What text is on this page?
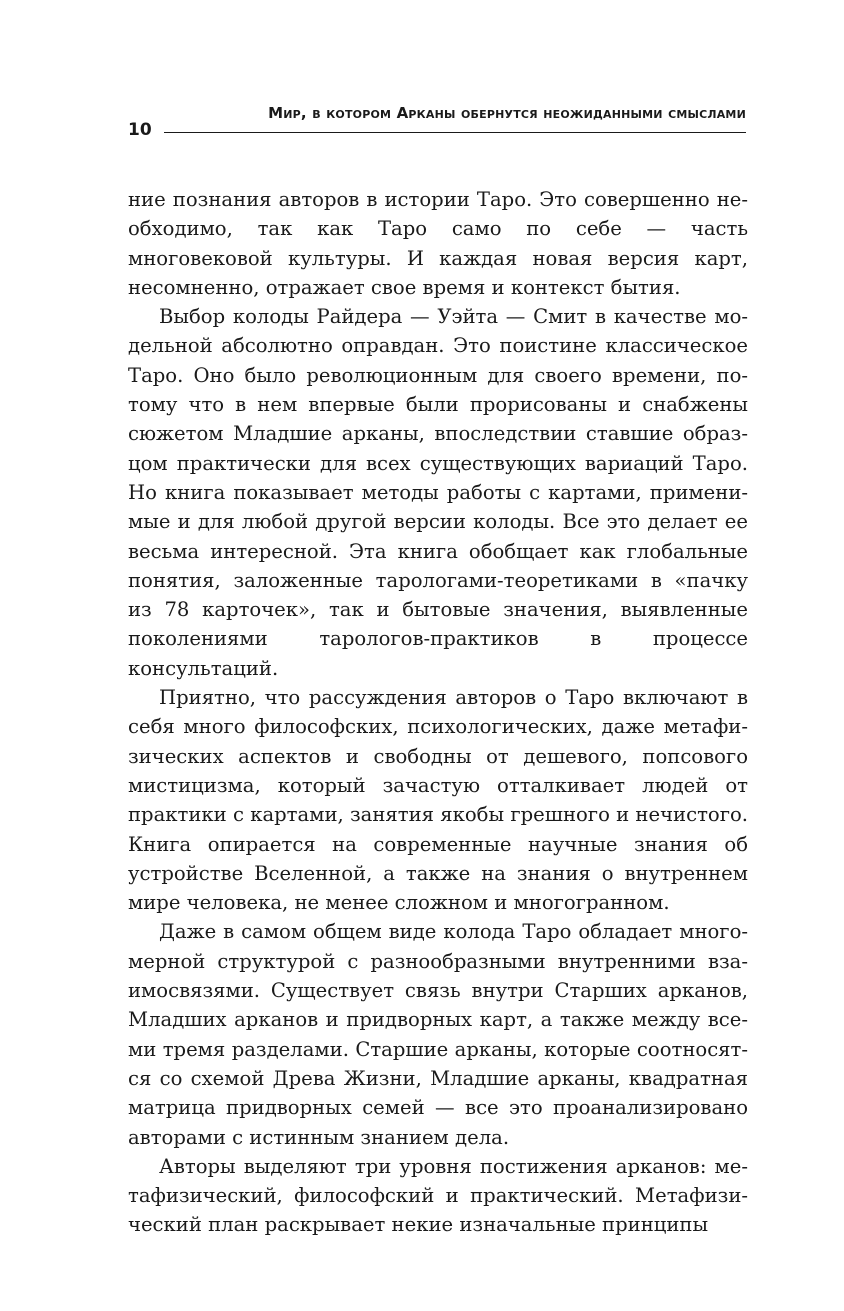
10
Мир, в котором Арканы обернутся неожиданными смыслами

ние познания авторов в истории Таро. Это совершенно необходимо, так как Таро само по себе — часть многовековой культуры. И каждая новая версия карт, несомненно, отражает свое время и контекст бытия.

Выбор колоды Райдера — Уэйта — Смит в качестве модельной абсолютно оправдан. Это поистине классическое Таро. Оно было революционным для своего времени, потому что в нем впервые были прорисованы и снабжены сюжетом Младшие арканы, впоследствии ставшие образцом практически для всех существующих вариаций Таро. Но книга показывает методы работы с картами, применимые и для любой другой версии колоды. Все это делает ее весьма интересной. Эта книга обобщает как глобальные понятия, заложенные тарологами-теоретиками в «пачку из 78 карточек», так и бытовые значения, выявленные поколениями тарологов-практиков в процессе консультаций.

Приятно, что рассуждения авторов о Таро включают в себя много философских, психологических, даже метафизических аспектов и свободны от дешевого, попсового мистицизма, который зачастую отталкивает людей от практики с картами, занятия якобы грешного и нечистого. Книга опирается на современные научные знания об устройстве Вселенной, а также на знания о внутреннем мире человека, не менее сложном и многогранном.

Даже в самом общем виде колода Таро обладает многомерной структурой с разнообразными внутренними взаимосвязями. Существует связь внутри Старших арканов, Младших арканов и придворных карт, а также между всеми тремя разделами. Старшие арканы, которые соотносятся со схемой Древа Жизни, Младшие арканы, квадратная матрица придворных семей — все это проанализировано авторами с истинным знанием дела.

Авторы выделяют три уровня постижения арканов: метафизический, философский и практический. Метафизический план раскрывает некие изначальные принципы
